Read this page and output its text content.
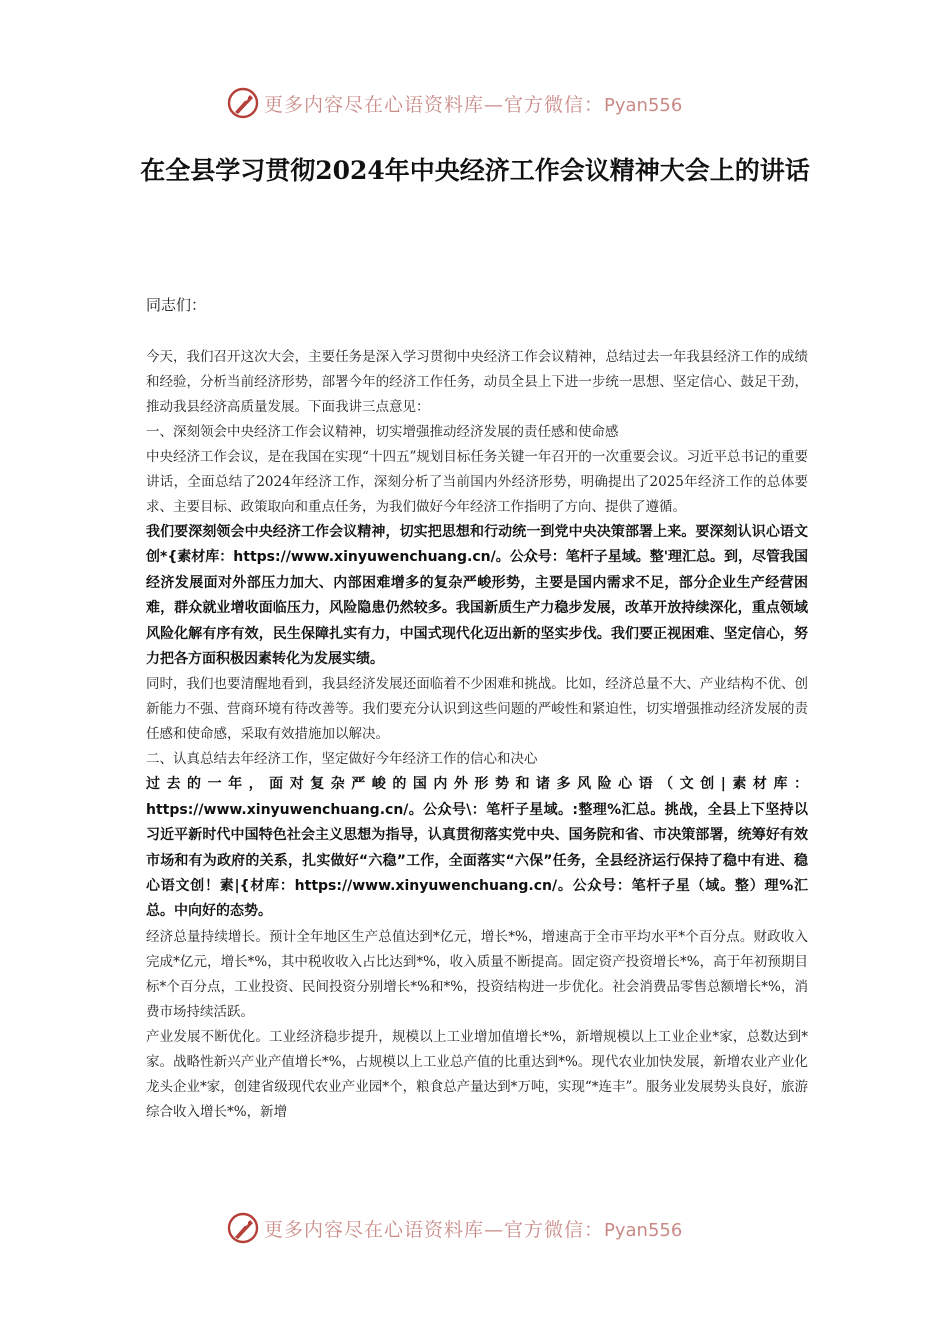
更多内容尽在心语资料库—官方微信：Pyan556
在全县学习贯彻2024年中央经济工作会议精神大会上的讲话

同志们：

今天，我们召开这次大会，主要任务是深入学习贯彻中央经济工作会议精神，总结过去一年我县经济工作的成绩和经验，分析当前经济形势，部署今年的经济工作任务，动员全县上下进一步统一思想、坚定信心、鼓足干劲，推动我县经济高质量发展。下面我讲三点意见：

一、深刻领会中央经济工作会议精神，切实增强推动经济发展的责任感和使命感

中央经济工作会议，是在我国在实现“十四五”规划目标任务关键一年召开的一次重要会议。习近平总书记的重要讲话，全面总结了2024年经济工作，深刻分析了当前国内外经济形势，明确提出了2025年经济工作的总体要求、主要目标、政策取向和重点任务，为我们做好今年经济工作指明了方向、提供了遵循。

我们要深刻领会中央经济工作会议精神，切实把思想和行动统一到党中央决策部署上来。要深刻认识心语文创*{素材库：https://www.xinyuwenchuang.cn/。公众号：笔杆子星域。整'理汇总。到，尽管我国经济发展面对外部压力加大、内部困难增多的复杂严峻形势，主要是国内需求不足，部分企业生产经营困难，群众就业增收面临压力，风险隐患仍然较多。我国新质生产力稳步发展，改革开放持续深化，重点领域风险化解有序有效，民生保障扎实有力，中国式现代化迈出新的坚实步伐。我们要正视困难、坚定信心，努力把各方面积极因素转化为发展实绩。

同时，我们也要清醒地看到，我县经济发展还面临着不少困难和挑战。比如，经济总量不大、产业结构不优、创新能力不强、营商环境有待改善等。我们要充分认识到这些问题的严峻性和紧迫性，切实增强推动经济发展的责任感和使命感，采取有效措施加以解决。

二、认真总结去年经济工作，坚定做好今年经济工作的信心和决心

过去的一年，面对复杂严峻的国内外形势和诸多风险心语（文创|素材库：https://www.xinyuwenchuang.cn/。公众号\：笔杆子星域。:整理%汇总。挑战，全县上下坚持以习近平新时代中国特色社会主义思想为指导，认真贯彻落实党中央、国务院和省、市决策部署，统筹好有效市场和有为政府的关系，扎实做好“六稳”工作，全面落实“六保”任务，全县经济运行保持了稳中有进、稳心语文创！素|{材库：https://www.xinyuwenchuang.cn/。公众号：笔杆子星（域。整）理%汇总。中向好的态势。

经济总量持续增长。预计全年地区生产总值达到*亿元，增长*%，增速高于全市平均水平*个百分点。财政收入完成*亿元，增长*%，其中税收收入占比达到*%，收入质量不断提高。固定资产投资增长*%，高于年初预期目标*个百分点，工业投资、民间投资分别增长*%和*%，投资结构进一步优化。社会消费品零售总额增长*%，消费市场持续活跃。

产业发展不断优化。工业经济稳步提升，规模以上工业增加值增长*%，新增规模以上工业企业*家，总数达到*家。战略性新兴产业产值增长*%，占规模以上工业总产值的比重达到*%。现代农业加快发展，新增农业产业化龙头企业*家，创建省级现代农业产业园*个，粮食总产量达到*万吨，实现“*连丰”。服务业发展势头良好，旅游综合收入增长*%，新增

更多内容尽在心语资料库—官方微信：Pyan556
